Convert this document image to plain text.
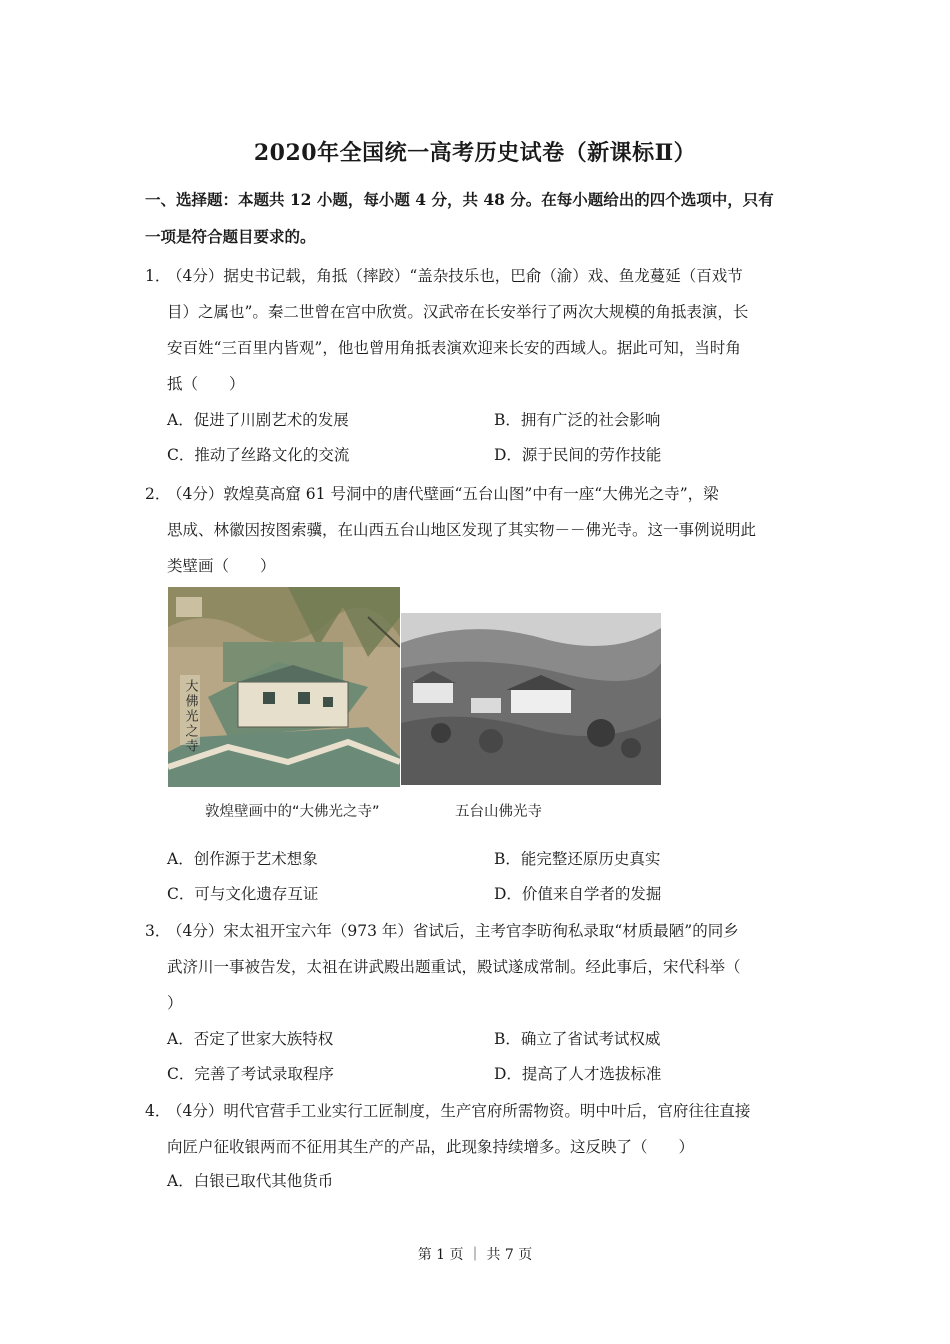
2020年全国统一高考历史试卷（新课标Ⅱ）
一、选择题：本题共 12 小题，每小题 4 分，共 48 分。在每小题给出的四个选项中，只有
一项是符合题目要求的。
1．
（4分）据史书记载，角抵（摔跤）“盖杂技乐也，巴俞（渝）戏、鱼龙蔓延（百戏节
目）之属也”。秦二世曾在宫中欣赏。汉武帝在长安举行了两次大规模的角抵表演，长
安百姓“三百里内皆观”，他也曾用角抵表演欢迎来长安的西域人。据此可知，当时角
抵（　　）
A．促进了川剧艺术的发展	B．拥有广泛的社会影响
C．推动了丝路文化的交流	D．源于民间的劳作技能
2．
（4分）敦煌莫高窟 61 号洞中的唐代壁画“五台山图”中有一座“大佛光之寺”，梁
思成、林徽因按图索骥，在山西五台山地区发现了其实物－－佛光寺。这一事例说明此
类壁画（　　）
大佛光之寺
敦煌壁画中的“大佛光之寺”	五台山佛光寺
A．创作源于艺术想象	B．能完整还原历史真实
C．可与文化遗存互证	D．价值来自学者的发掘
3．
（4分）宋太祖开宝六年（973 年）省试后，主考官李昉徇私录取“材质最陋”的同乡
武济川一事被告发，太祖在讲武殿出题重试，殿试遂成常制。经此事后，宋代科举（
）
A．否定了世家大族特权	B．确立了省试考试权威
C．完善了考试录取程序	D．提高了人才选拔标准
4．
（4分）明代官营手工业实行工匠制度，生产官府所需物资。明中叶后，官府往往直接
向匠户征收银两而不征用其生产的产品，此现象持续增多。这反映了（　　）
A．白银已取代其他货币
第 1 页 ｜ 共 7 页
